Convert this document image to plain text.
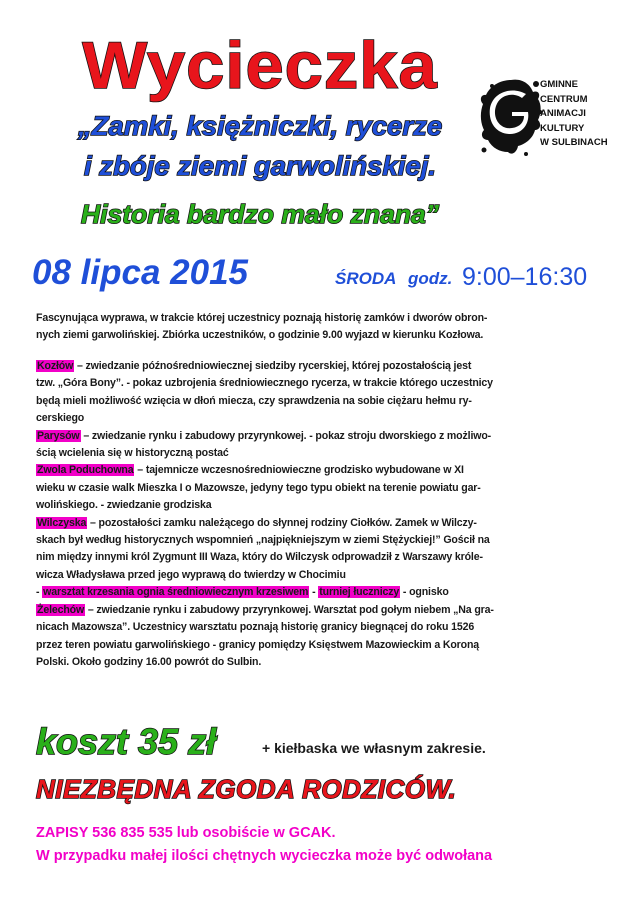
Wycieczka	GMINNE
CENTRUM
ANIMACJI
KULTURY
W SULBINACH
„Zamki, księżniczki, rycerze
i zbóje ziemi garwolińskiej.
Historia bardzo mało znana”
08 lipca 2015	ŚRODA godz. 9:00–16:30

Fascynująca wyprawa, w trakcie której uczestnicy poznają historię zamków i dworów obron-

nych ziemi garwolińskiej. Zbiórka uczestników, o godzinie 9.00 wyjazd w kierunku Kozłowa.

Kozłów – zwiedzanie późnośredniowiecznej siedziby rycerskiej, której pozostałością jest

tzw. „Góra Bony”. - pokaz uzbrojenia średniowiecznego rycerza, w trakcie którego uczestnicy

będą mieli możliwość wzięcia w dłoń miecza, czy sprawdzenia na sobie ciężaru hełmu ry-

cerskiego

Parysów – zwiedzanie rynku i zabudowy przyrynkowej. - pokaz stroju dworskiego z możliwo-

ścią wcielenia się w historyczną postać

Zwola Poduchowna – tajemnicze wczesnośredniowieczne grodzisko wybudowane w XI

wieku w czasie walk Mieszka I o Mazowsze, jedyny tego typu obiekt na terenie powiatu gar-

wolińskiego. - zwiedzanie grodziska

Wilczyska – pozostałości zamku należącego do słynnej rodziny Ciołków. Zamek w Wilczy-

skach był według historycznych wspomnień „najpiękniejszym w ziemi Stężyckiej!” Gościł na

nim między innymi król Zygmunt III Waza, który do Wilczysk odprowadził z Warszawy króle-

wicza Władysława przed jego wyprawą do twierdzy w Chocimiu

- warsztat krzesania ognia średniowiecznym krzesiwem - turniej łuczniczy - ognisko

Żelechów – zwiedzanie rynku i zabudowy przyrynkowej. Warsztat pod gołym niebem „Na gra-

nicach Mazowsza”. Uczestnicy warsztatu poznają historię granicy biegnącej do roku 1526

przez teren powiatu garwolińskiego - granicy pomiędzy Księstwem Mazowieckim a Koroną

Polski. Około godziny 16.00 powrót do Sulbin.

koszt 35 zł	+ kiełbaska we własnym zakresie.
NIEZBĘDNA ZGODA RODZICÓW.
ZAPISY 536 835 535 lub osobiście w GCAK.
W przypadku małej ilości chętnych wycieczka może być odwołana
